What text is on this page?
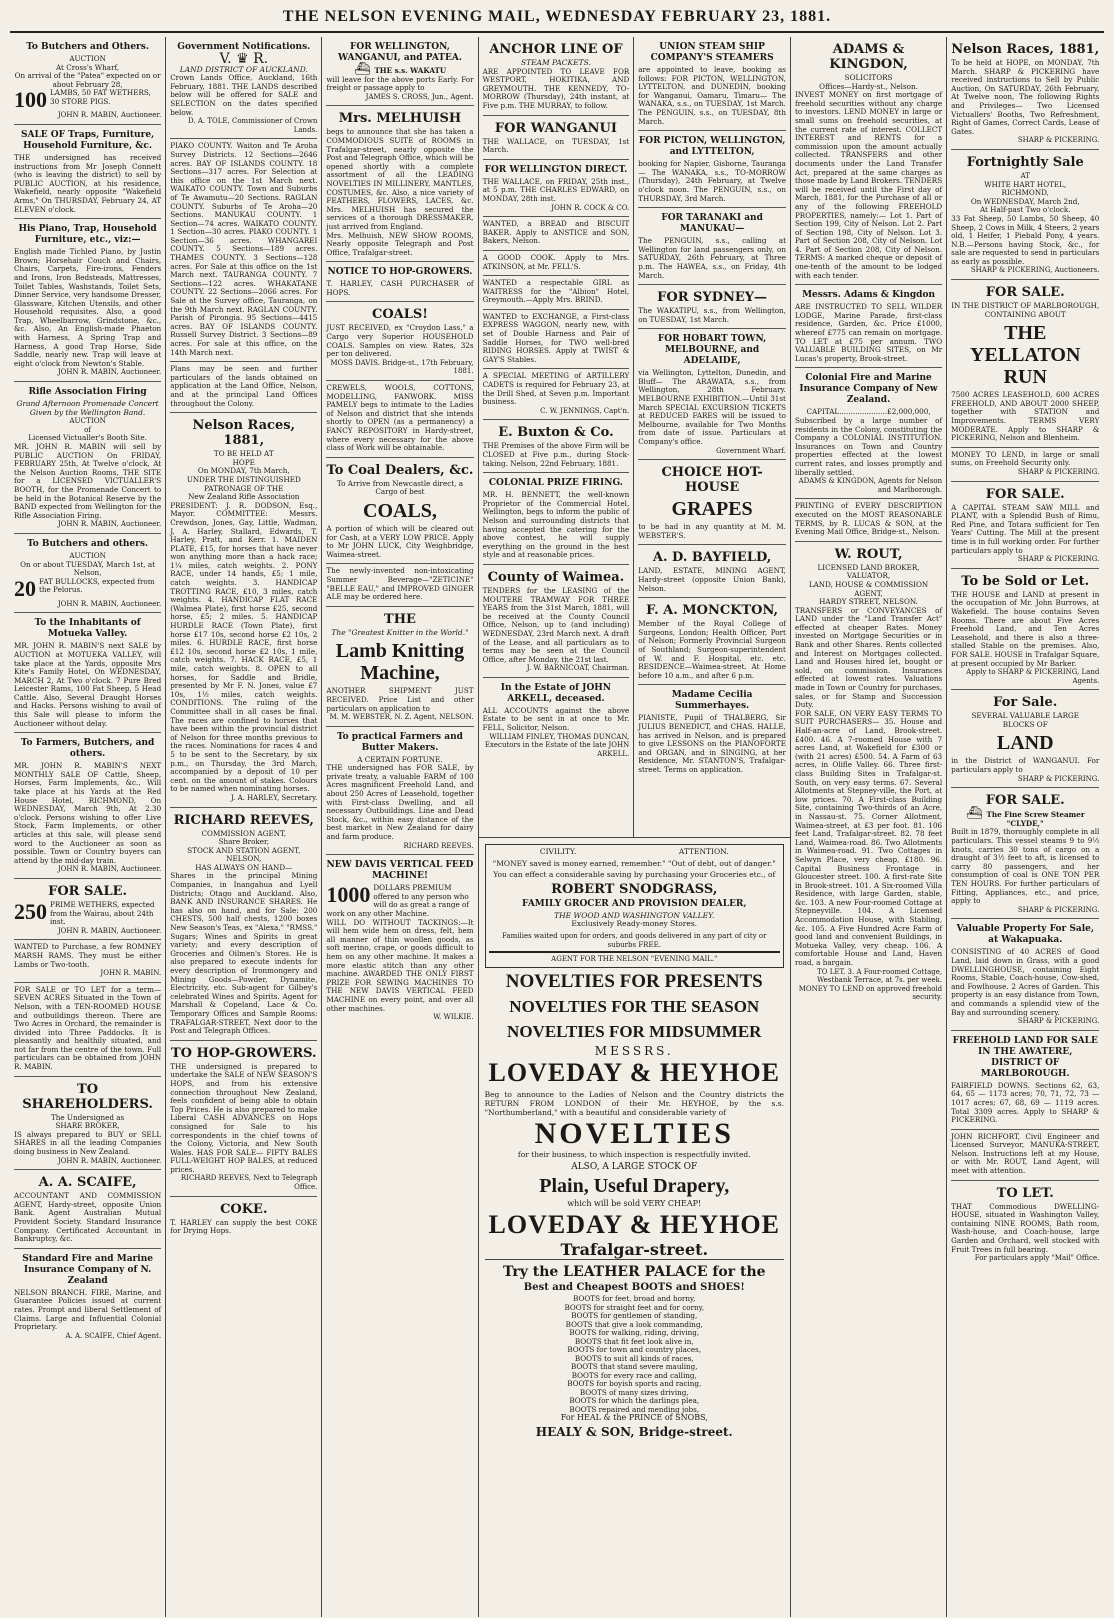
THE NELSON EVENING MAIL, WEDNESDAY FEBRUARY 23, 1881.
To Butchers and Others.
AUCTION
At Cross's Wharf,
On arrival of the "Patea" expected on or about February 28,
100 LAMBS, 50 FAT WETHERS, 30 STORE PIGS.
JOHN R. MABIN, Auctioneer.
SALE OF Traps, Furniture, Household Furniture, &c.
THE undersigned has received instructions from Mr Joseph Connett (who is leaving the district) to sell by PUBLIC AUCTION, at his residence, Wakefield, nearly opposite "Wakefield Arms," On THURSDAY, February 24, AT ELEVEN o'clock.
His Piano, Trap, Household Furniture, etc., viz:—
English made Tichled Piano, by Justin Brown; Horsehair Couch and Chairs, Chairs, Carpets, Fire-irons, Fenders and Irons, Iron Bedsteads, Mattresses, Toilet Tables, Washstands, Toilet Sets, Dinner Service, very handsome Dresser, Glassware, Kitchen Utensils, and other Household requisites. Also, a good Trap, Wheelbarrow, Grindstone, &c., &c. Also, An English-made Phaeton with Harness, A Spring Trap and Harness, A good Trap Horse, Side Saddle, nearly new. Trap will leave at eight o'clock from Newton's Stable.
JOHN R. MABIN, Auctioneer.
Rifle Association Firing
Grand Afternoon Promenade Concert Given by the Wellington Band.
AUCTION
of
Licensed Victualler's Booth Site.
MR. JOHN R. MABIN will sell by PUBLIC AUCTION On FRIDAY, FEBRUARY 25th, At Twelve o'clock, At the Nelson Auction Rooms, THE SITE for a LICENSED VICTUALLER'S BOOTH, for the Promenade Concert to be held in the Botanical Reserve by the BAND expected from Wellington for the Rifle Association Firing.
JOHN R. MABIN, Auctioneer.
To Butchers and others.
AUCTION
On or about TUESDAY, March 1st, at Nelson,
20 FAT BULLOCKS, expected from the Pelorus.
JOHN R. MABIN, Auctioneer.
To the Inhabitants of Motueka Valley.
MR. JOHN R. MABIN'S next SALE by AUCTION at MOTUEKA VALLEY, will take place at the Yards, opposite Mrs Kite's Family Hotel, On WEDNESDAY, MARCH 2, At Two o'clock. 7 Pure Bred Leicester Rams, 100 Fat Sheep, 5 Head Cattle. Also, Several Draught Horses and Hacks. Persons wishing to avail of this Sale will please to inform the Auctioneer without delay.
To Farmers, Butchers, and others.
MR. JOHN R. MABIN'S NEXT MONTHLY SALE OF Cattle, Sheep, Horses, Farm Implements, &c., Will take place at his Yards at the Red House Hotel, RICHMOND, On WEDNESDAY, March 9th, At 2.30 o'clock. Persons wishing to offer Live Stock, Farm Implements, or other articles at this sale, will please send word to the Auctioneer as soon as possible. Town or Country buyers can attend by the mid-day train.
JOHN R. MABIN, Auctioneer.
FOR SALE.
250 PRIME WETHERS, expected from the Wairau, about 24th inst.
JOHN R. MABIN, Auctioneer.
WANTED to Purchase, a few ROMNEY MARSH RAMS. They must be either Lambs or Two-tooth.
JOHN R. MABIN.
FOR SALE or TO LET for a term—SEVEN ACRES Situated in the Town of Nelson, with a TEN-ROOMED HOUSE and outbuildings thereon. There are Two Acres in Orchard, the remainder is divided into Three Paddocks. It is pleasantly and healthily situated, and not far from the centre of the town. Full particulars can be obtained from JOHN R. MABIN.
TO SHAREHOLDERS.
The Undersigned as
SHARE BROKER,
IS always prepared to BUY or SELL SHARES in all the leading Companies doing business in New Zealand.
JOHN R. MABIN, Auctioneer.
A. A. SCAIFE,
ACCOUNTANT AND COMMISSION AGENT, Hardy-street, opposite Union Bank. Agent Australian Mutual Provident Society. Standard Insurance Company. Certificated Accountant in Bankruptcy, &c.
Standard Fire and Marine Insurance Company of N. Zealand
NELSON BRANCH. FIRE, Marine, and Guarantee Policies issued at current rates. Prompt and liberal Settlement of Claims. Large and Influential Colonial Proprietary.
A. A. SCAIFE, Chief Agent.
Government Notifications.
V. ♛ R.
LAND DISTRICT OF AUCKLAND.
Crown Lands Office, Auckland, 16th February, 1881. THE LANDS described below will be offered for SALE and SELECTION on the dates specified below.
D. A. TOLE, Commissioner of Crown Lands.
PIAKO COUNTY. Waiton and Te Aroha Survey Districts. 12 Sections—2646 acres. BAY OF ISLANDS COUNTY. 18 Sections—317 acres. For Selection at this office on the 1st March next. WAIKATO COUNTY. Town and Suburbs of Te Awamutu—20 Sections. RAGLAN COUNTY. Suburbs of Te Aroha—20 Sections. MANUKAU COUNTY. 1 Section—74 acres. WAIKATO COUNTY. 1 Section—30 acres. PIAKO COUNTY. 1 Section—36 acres. WHANGAREI COUNTY. 5 Sections—189 acres. THAMES COUNTY. 3 Sections—128 acres. For Sale at this office on the 1st March next. TAURANGA COUNTY. 7 Sections—122 acres. WHAKATANE COUNTY. 22 Sections—2066 acres. For Sale at the Survey office, Tauranga, on the 9th March next. RAGLAN COUNTY. Parish of Pirongia. 95 Sections—4415 acres. BAY OF ISLANDS COUNTY. Russell Survey District. 3 Sections—89 acres. For sale at this office, on the 14th March next.
Plans may be seen and further particulars of the lands obtained on application at the Land Office, Nelson, and at the principal Land Offices throughout the Colony.
Nelson Races, 1881,
TO BE HELD AT
HOPE
On MONDAY, 7th March,
UNDER THE DISTINGUISHED PATRONAGE OF THE
New Zealand Rifle Association
PRESIDENT: J. R. DODSON, Esq., Mayor. COMMITTEE: Messrs. Crewdson, Jones, Gay, Little, Wadman, J. A. Harley, Stallard, Edwards, T. Harley, Pratt, and Kerr. 1. MAIDEN PLATE, £15, for horses that have never won anything more than a hack race; 1¼ miles, catch weights. 2. PONY RACE, under 14 hands, £5; 1 mile, catch weights. 3. HANDICAP TROTTING RACE, £10, 3 miles, catch weights. 4. HANDICAP FLAT RACE (Walmea Plate), first horse £25, second horse, £5; 2 miles. 5. HANDICAP HURDLE RACE (Town Plate), first horse £17 10s, second horse £2 10s, 2 miles. 6. HURDLE RACE, first horse £12 10s, second horse £2 10s, 1 mile, catch weights. 7. HACK RACE, £5, 1 mile, catch weights. 8. OPEN to all horses, for Saddle and Bridle, presented by Mr F. N. Jones, value £7 10s, 1½ miles, catch weights. CONDITIONS. The ruling of the Committee shall in all cases be final. The races are confined to horses that have been within the provincial district of Nelson for three months previous to the races. Nominations for races 4 and 5 to be sent to the Secretary, by six p.m., on Thursday, the 3rd March, accompanied by a deposit of 10 per cent. on the amount of stakes. Colours to be named when nominating horses.
J. A. HARLEY, Secretary.
RICHARD REEVES,
COMMISSION AGENT,
Share Broker,
STOCK AND STATION AGENT,
NELSON,
HAS ALWAYS ON HAND—
Shares in the principal Mining Companies, in Inangahua and Lyell Districts; Otago and Auckland. Also, BANK AND INSURANCE SHARES. He has also on hand, and for Sale: 200 CHESTS, 500 half chests, 1200 boxes New Season's Teas, ex "Alexa," "RMSS." Sugars; Wines and Spirits in great variety; and every description of Groceries and Oilmen's Stores. He is also prepared to execute indents for every description of Ironmongery and Mining Goods—Powder, Dynamite, Electricity, etc. Sub-agent for Gilbey's celebrated Wines and Spirits. Agent for Marshall & Copeland, Lace & Co. Temporary Offices and Sample Rooms: TRAFALGAR-STREET, Next door to the Post and Telegraph Offices.
TO HOP-GROWERS.
THE undersigned is prepared to undertake the SALE of NEW SEASON'S HOPS, and from his extensive connection throughout New Zealand, feels confident of being able to obtain Top Prices. He is also prepared to make Liberal CASH ADVANCES on Hops consigned for Sale to his correspondents in the chief towns of the Colony, Victoria, and New South Wales. HAS FOR SALE— FIFTY BALES FULL-WEIGHT HOP BALES, at reduced prices.
RICHARD REEVES, Next to Telegraph Office.
COKE.
T. HARLEY can supply the best COKE for Drying Hops.
FOR WELLINGTON, WANGANUI, and PATEA.
⛴ THE s.s. WAKATU
will leave for the above ports Early. For freight or passage apply to
JAMES S. CROSS, Jun., Agent.
Mrs. MELHUISH
begs to announce that she has taken a COMMODIOUS SUITE of ROOMS in Trafalgar-street, nearly opposite the Post and Telegraph Office, which will be opened shortly with a complete assortment of all the LEADING NOVELTIES IN MILLINERY, MANTLES, COSTUMES, &c. Also, a nice variety of FEATHERS, FLOWERS, LACES, &c. Mrs. MELHUISH has secured the services of a thorough DRESSMAKER, just arrived from England.
Mrs. Melhuish, NEW SHOW ROOMS, Nearly opposite Telegraph and Post Office, Trafalgar-street.
NOTICE TO HOP-GROWERS.
T. HARLEY, CASH PURCHASER of HOPS.
COALS!
JUST RECEIVED, ex "Croydon Lass," a Cargo very Superior HOUSEHOLD COALS. Samples on view. Rates, 32s per ton delivered.
MOSS DAVIS. Bridge-st., 17th February, 1881.
CREWELS, WOOLS, COTTONS, MODELLING, FANWORK. MISS PAMELY begs to intimate to the Ladies of Nelson and district that she intends shortly to OPEN (as a permanency) a FANCY REPOSITORY in Hardy-street, where every necessary for the above class of Work will be obtainable.
To Coal Dealers, &c.
To Arrive from Newcastle direct, a Cargo of best
COALS,
A portion of which will be cleared out for Cash, at a VERY LOW PRICE. Apply to Mr JOHN LUCK, City Weighbridge, Waimea-street.
The newly-invented non-intoxicating Summer Beverage—"ZETICINE" "BELLE EAU," and IMPROVED GINGER ALE may be ordered here.
THE
The "Greatest Knitter in the World."
Lamb Knitting Machine,
ANOTHER SHIPMENT JUST RECEIVED. Price List and other particulars on application to
M. M. WEBSTER, N. Z. Agent, NELSON.
To practical Farmers and Butter Makers.
A CERTAIN FORTUNE.
THE undersigned has FOR SALE, by private treaty, a valuable FARM of 100 Acres magnificent Freehold Land, and about 250 Acres of Leasehold, together with First-class Dwelling, and all necessary Outbuildings. Line and Dead Stock, &c., within easy distance of the best market in New Zealand for dairy and farm produce.
RICHARD REEVES.
NEW DAVIS VERTICAL FEED MACHINE!
1000 DOLLARS PREMIUM offered to any person who will do as great a range of work on any other Machine.
WILL DO WITHOUT TACKINGS:—It will hem wide hem on dress, felt, hem all manner of thin woollen goods, as soft merino, crape, or goods difficult to hem on any other machine. It makes a more elastic stitch than any other machine. AWARDED THE ONLY FIRST PRIZE FOR SEWING MACHINES TO THE NEW DAVIS VERTICAL FEED MACHINE on every point, and over all other machines.
W. WILKIE.
ANCHOR LINE OF
STEAM PACKETS.
ARE APPOINTED TO LEAVE FOR WESTPORT, HOKITIKA, AND GREYMOUTH. THE KENNEDY, TO-MORROW (Thursday), 24th instant, at Five p.m. THE MURRAY, to follow.
FOR WANGANUI
THE WALLACE, on TUESDAY, 1st March.
FOR WELLINGTON DIRECT.
THE WALLACE, on FRIDAY, 25th inst., at 5 p.m. THE CHARLES EDWARD, on MONDAY, 28th inst.
JOHN R. COCK & CO.
WANTED, a BREAD and BISCUIT BAKER. Apply to ANSTICE and SON, Bakers, Nelson.
A GOOD COOK. Apply to Mrs. ATKINSON, at Mr. FELL'S.
WANTED a respectable GIRL as WAITRESS for the "Albion" Hotel, Greymouth.—Apply Mrs. BRIND.
WANTED to EXCHANGE, a First-class EXPRESS WAGGON, nearly new, with set of Double Harness and Pair of Saddle Horses, for TWO well-bred RIDING HORSES. Apply at TWIST & GAY'S Stables.
A SPECIAL MEETING of ARTILLERY CADETS is required for February 23, at the Drill Shed, at Seven p.m. Important business.
C. W. JENNINGS, Capt'n.
E. Buxton & Co.
THE Premises of the above Firm will be CLOSED at Five p.m., during Stock-taking. Nelson, 22nd February, 1881.
COLONIAL PRIZE FIRING.
MR. H. BENNETT, the well-known Proprietor of the Commercial Hotel, Wellington, begs to inform the public of Nelson and surrounding districts that having accepted the catering for the above contest, he will supply everything on the ground in the best style and at reasonable prices.
County of Waimea.
TENDERS for the LEASING of the MOUTERE TRAMWAY FOR THREE YEARS from the 31st March, 1881, will be received at the County Council Office, Nelson, up to (and including) WEDNESDAY, 23rd March next. A draft of the Lease, and all particulars as to terms may be seen at the Council Office, after Monday, the 21st last.
J. W. BARNICOAT, Chairman.
In the Estate of JOHN ARKELL, deceased.
ALL ACCOUNTS against the above Estate to be sent in at once to Mr. FELL, Solicitor, Nelson.
WILLIAM FINLEY, THOMAS DUNCAN, Executors in the Estate of the late JOHN ARKELL.
UNION STEAM SHIP COMPANY'S STEAMERS
are appointed to leave, booking as follows: FOR PICTON, WELLINGTON, LYTTELTON, and DUNEDIN, booking for Wanganui, Oamaru, Timaru— The WANAKA, s.s., on TUESDAY, 1st March. The PENGUIN, s.s., on TUESDAY, 8th March.
FOR PICTON, WELLINGTON, and LYTTELTON,
booking for Napier, Gisborne, Tauranga— The WANAKA, s.s., TO-MORROW (Thursday), 24th February, at Twelve o'clock noon. The PENGUIN, s.s., on THURSDAY, 3rd March.
FOR TARANAKI and MANUKAU—
The PENGUIN, s.s., calling at Wellington for land passengers only, on SATURDAY, 26th February, at Three p.m. The HAWEA, s.s., on Friday, 4th March.
FOR SYDNEY—
The WAKATIPU, s.s., from Wellington, on TUESDAY, 1st March.
FOR HOBART TOWN, MELBOURNE, and ADELAIDE,
via Wellington, Lyttelton, Dunedin, and Bluff— The ARAWATA, s.s., from Wellington, 28th February. MELBOURNE EXHIBITION.—Until 31st March SPECIAL EXCURSION TICKETS at REDUCED FARES will be issued to Melbourne, available for Two Months from date of issue. Particulars at Company's office.
Government Wharf.
CHOICE HOT-HOUSE
GRAPES
to be had in any quantity at M. M. WEBSTER'S.
A. D. BAYFIELD,
LAND, ESTATE, MINING AGENT, Hardy-street (opposite Union Bank), Nelson.
F. A. MONCKTON,
Member of the Royal College of Surgeons, London; Health Officer, Port of Nelson; Formerly Provincial Surgeon of Southland; Surgeon-superintendent of W. and F. Hospital, etc. etc. RESIDENCE—Waimea-street. At Home before 10 a.m., and after 6 p.m.
Madame Cecilia Summerhayes.
PIANISTE, Pupil of THALBERG, Sir JULIUS BENEDICT, and CHAS. HALLE, has arrived in Nelson, and is prepared to give LESSONS on the PIANOFORTE and ORGAN, and in SINGING, at her Residence, Mr. STANTON'S, Trafalgar-street. Terms on application.
CIVILITY.	ATTENTION.
"MONEY saved is money earned, remember." "Out of debt, out of danger."
You can effect a considerable saving by purchasing your Groceries etc., of
ROBERT SNODGRASS,
FAMILY GROCER AND PROVISION DEALER,
THE WOOD AND WASHINGTON VALLEY.
Exclusively Ready-money Stores.
Families waited upon for orders, and goods delivered in any part of city or suburbs FREE.
AGENT FOR THE NELSON "EVENING MAIL."
NOVELTIES FOR PRESENTS
NOVELTIES FOR THE SEASON
NOVELTIES FOR MIDSUMMER
MESSRS.
LOVEDAY & HEYHOE
Beg to announce to the Ladies of Nelson and the Country districts the RETURN FROM LONDON of their Mr. HEYHOE, by the s.s. "Northumberland," with a beautiful and considerable variety of
NOVELTIES
for their business, to which inspection is respectfully invited.
ALSO, A LARGE STOCK OF
Plain, Useful Drapery,
which will be sold VERY CHEAP!
LOVEDAY & HEYHOE
Trafalgar-street.
Try the LEATHER PALACE for the
Best and Cheapest BOOTS and SHOES!
BOOTS for feet, broad and horny,
BOOTS for straight feet and for corny,
BOOTS for gentlemen of standing,
BOOTS that give a look commanding,
BOOTS for walking, riding, driving,
BOOTS that fit feet look alive in,
BOOTS for town and country places,
BOOTS to suit all kinds of races,
BOOTS that stand severe mauling,
BOOTS for every race and calling,
BOOTS for boyish sports and racing,
BOOTS of many sizes driving,
BOOTS for which the darlings plea,
BOOTS repaired and mending jobs,
For HEAL & the PRINCE of SNOBS,
HEALY & SON, Bridge-street.
ADAMS & KINGDON,
SOLICITORS
Offices—Hardy-st., Nelson.
INVEST MONEY on first mortgage of freehold securities without any charge to investors. LEND MONEY in large or small sums on freehold securities, at the current rate of interest. COLLECT INTEREST and RENTS for a commission upon the amount actually collected. TRANSFERS and other documents under the Land Transfer Act, prepared at the same charges as those made by Land Brokers. TENDERS will be received until the First day of March, 1881, for the Purchase of all or any of the following FREEHOLD PROPERTIES, namely:— Lot 1. Part of Section 199, City of Nelson. Lot 2. Part of Section 198, City of Nelson. Lot 3. Part of Section 208, City of Nelson. Lot 4. Part of Section 208, City of Nelson. TERMS: A marked cheque or deposit of one-tenth of the amount to be lodged with each tender.
Messrs. Adams & Kingdon
ARE INSTRUCTED TO SELL WILDER LODGE, Marine Parade, first-class residence, Garden, &c. Price £1000, whereof £775 can remain on mortgage. TO LET at £75 per annum. TWO VALUABLE BUILDING SITES, on Mr Lucas's property, Brook-street.
Colonial Fire and Marine Insurance Company of New Zealand.
CAPITAL.....................£2,000,000,
Subscribed by a large number of residents in the Colony, constituting the Company a COLONIAL INSTITUTION. Insurances on Town and Country properties effected at the lowest current rates, and losses promptly and liberally settled.
ADAMS & KINGDON, Agents for Nelson and Marlborough.
PRINTING of EVERY DESCRIPTION executed on the MOST REASONABLE TERMS, by R. LUCAS & SON, at the Evening Mail Office, Bridge-st., Nelson.
W. ROUT,
LICENSED LAND BROKER,
VALUATOR,
LAND, HOUSE & COMMISSION AGENT,
HARDY STREET, NELSON.
TRANSFERS or CONVEYANCES of LAND under the "Land Transfer Act" effected at cheaper Rates. Money invested on Mortgage Securities or in Bank and other Shares. Rents collected and Interest on Mortgages collected. Land and Houses hired let, bought or sold, on commission. Insurances effected at lowest rates. Valuations made in Town or Country for purchases, sales, or for Stamp and Succession Duty.
FOR SALE, ON VERY EASY TERMS TO SUIT PURCHASERS— 35. House and Half-an-acre of Land, Brook-street. £400. 46. A 7-roomed House with 7 acres Land, at Wakefield for £300 or (with 21 acres) £500. 54. A Farm of 63 acres, in Olifle Valley. 66. Three first-class Building Sites in Trafalgar-st. South, on very easy terms. 67. Several Allotments at Stepney-ville, the Port, at low prices. 70. A First-class Building Site, containing Two-thirds of an Acre, in Nassau-st. 75. Corner Allotment, Waimea-street, at £3 per foot. 81. 106 feet Land, Trafalgar-street. 82. 78 feet Land, Waimea-road. 86. Two Allotments in Waimea-road. 91. Two Cottages in Selwyn Place, very cheap, £180. 96. Capital Business Frontage in Gloucester street. 100. A first-rate Site in Brook-street. 101. A Six-roomed Villa Residence, with large Garden, stable, &c. 103. A new Four-roomed Cottage at Stepneyville. 104. A Licensed Accommodation House, with Stabling, &c. 105. A Five Hundred Acre Farm of good land and convenient Buildings, in Motueka Valley, very cheap. 106. A comfortable House and Land, Haven road, a bargain.
TO LET. 3. A Four-roomed Cottage, Westbank Terrace, at 7s. per week. MONEY TO LEND on approved freehold security.
Nelson Races, 1881,
To be held at HOPE, on MONDAY, 7th March. SHARP & PICKERING have received instructions to Sell by Public Auction, On SATURDAY, 26th February, At Twelve noon, The following Rights and Privileges— Two Licensed Victuallers' Booths, Two Refreshment, Right of Games, Correct Cards, Lease of Gates.
SHARP & PICKERING.
Fortnightly Sale
AT
WHITE HART HOTEL,
RICHMOND,
On WEDNESDAY, March 2nd,
At Half-past Two o'clock.
33 Fat Sheep, 50 Lambs, 50 Sheep, 40 Sheep, 2 Cows in Milk, 4 Steers, 2 years old, 1 Heifer, 1 Piebald Pony, 4 years. N.B.—Persons having Stock, &c., for sale are requested to send in particulars as early as possible.
SHARP & PICKERING, Auctioneers.
FOR SALE.
IN THE DISTRICT OF MARLBOROUGH,
CONTAINING ABOUT
THE YELLATON RUN
7500 ACRES LEASEHOLD, 600 ACRES FREEHOLD, AND ABOUT 2000 SHEEP, together with STATION and Improvements. TERMS VERY MODERATE. Apply to SHARP & PICKERING, Nelson and Blenheim.
MONEY TO LEND, in large or small sums, on Freehold Security only.
SHARP & PICKERING.
FOR SALE.
A CAPITAL STEAM SAW MILL and PLANT, with a Splendid Bush of Rimu, Red Pine, and Totara sufficient for Ten Years' Cutting. The Mill at the present time is in full working order. For further particulars apply to
SHARP & PICKERING.
To be Sold or Let.
THE HOUSE and LAND at present in the occupation of Mr. John Burrows, at Wakefield. The house contains Seven Rooms. There are about Five Acres Freehold Land, and Ten Acres Leasehold, and there is also a three-stalled Stable on the premises. Also, FOR SALE. HOUSE in Trafalgar Square, at present occupied by Mr Barker.
Apply to SHARP & PICKERING, Land Agents.
For Sale.
SEVERAL VALUABLE LARGE
BLOCKS OF
LAND
in the District of WANGANUI. For particulars apply to
SHARP & PICKERING.
FOR SALE.
⛴ The Fine Screw Steamer "CLYDE,"
Built in 1879, thoroughly complete in all particulars. This vessel steams 9 to 9½ knots, carries 30 tons of cargo on a draught of 3½ feet to aft, is licensed to carry 80 passengers, and her consumption of coal is ONE TON PER TEN HOURS. For further particulars of Fitting, Appliances, etc., and price, apply to
SHARP & PICKERING.
Valuable Property For Sale, at Wakapuaka.
CONSISTING of 40 ACRES of Good Land, laid down in Grass, with a good DWELLINGHOUSE, containing Eight Rooms, Stable, Coach-house, Cow-shed, and Fowlhouse. 2 Acres of Garden. This property is an easy distance from Town, and commands a splendid view of the Bay and surrounding scenery.
SHARP & PICKERING.
FREEHOLD LAND FOR SALE IN THE AWATERE, DISTRICT OF MARLBOROUGH.
FAIRFIELD DOWNS. Sections 62, 63, 64, 65 — 1173 acres; 70, 71, 72, 73 — 1017 acres; 67, 68, 69 — 1119 acres. Total 3309 acres. Apply to SHARP & PICKERING.
JOHN RICHFORT, Civil Engineer and Licensed Surveyor, MANUKA-STREET, Nelson. Instructions left at my House, or with Mr. ROUT, Land Agent, will meet with attention.
TO LET.
THAT Commodious DWELLING-HOUSE, situated in Washington Valley, containing NINE ROOMS, Bath room, Wash-house, and Coach-house, large Garden and Orchard, well stocked with Fruit Trees in full bearing.
For particulars apply "Mail" Office.
